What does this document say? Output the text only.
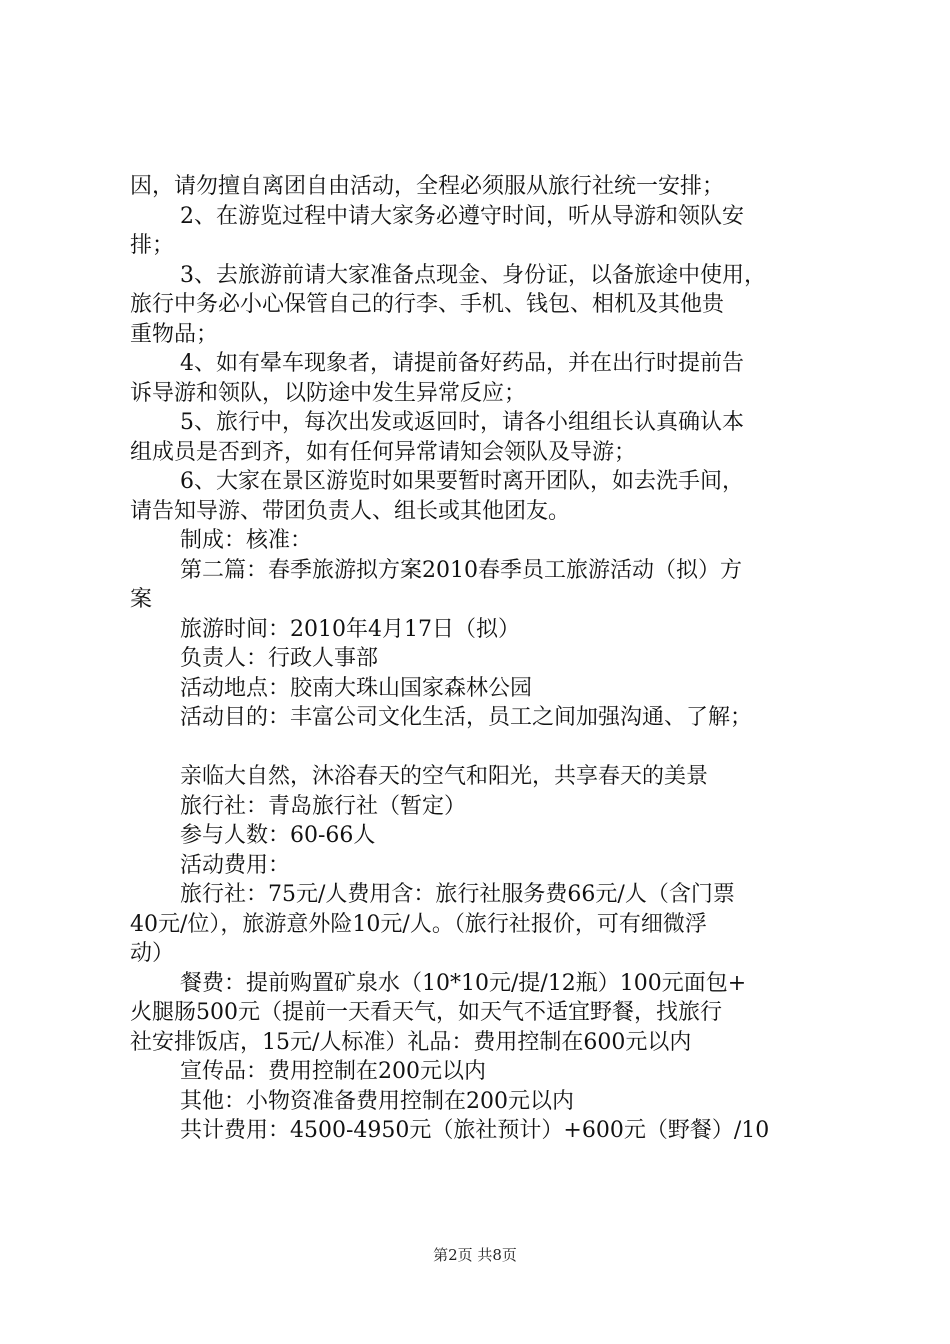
因，请勿擅自离团自由活动，全程必须服从旅行社统一安排；
2、在游览过程中请大家务必遵守时间，听从导游和领队安
排；
3、去旅游前请大家准备点现金、身份证，以备旅途中使用，
旅行中务必小心保管自己的行李、手机、钱包、相机及其他贵
重物品；
4、如有晕车现象者，请提前备好药品，并在出行时提前告
诉导游和领队，以防途中发生异常反应；
5、旅行中，每次出发或返回时，请各小组组长认真确认本
组成员是否到齐，如有任何异常请知会领队及导游；
6、大家在景区游览时如果要暂时离开团队，如去洗手间，
请告知导游、带团负责人、组长或其他团友。
制成：核准：
第二篇：春季旅游拟方案2010春季员工旅游活动（拟）方
案
旅游时间：2010年4月17日（拟）
负责人：行政人事部
活动地点：胶南大珠山国家森林公园
活动目的：丰富公司文化生活，员工之间加强沟通、了解；
亲临大自然，沐浴春天的空气和阳光，共享春天的美景
旅行社：青岛旅行社（暂定）
参与人数：60-66人
活动费用：
旅行社：75元/人费用含：旅行社服务费66元/人（含门票
40元/位），旅游意外险10元/人。（旅行社报价，可有细微浮
动）
餐费：提前购置矿泉水（10*10元/提/12瓶）100元面包+
火腿肠500元（提前一天看天气，如天气不适宜野餐，找旅行
社安排饭店，15元/人标准）礼品：费用控制在600元以内
宣传品：费用控制在200元以内
其他：小物资准备费用控制在200元以内
共计费用：4500-4950元（旅社预计）+600元（野餐）/10
第2页 共8页
